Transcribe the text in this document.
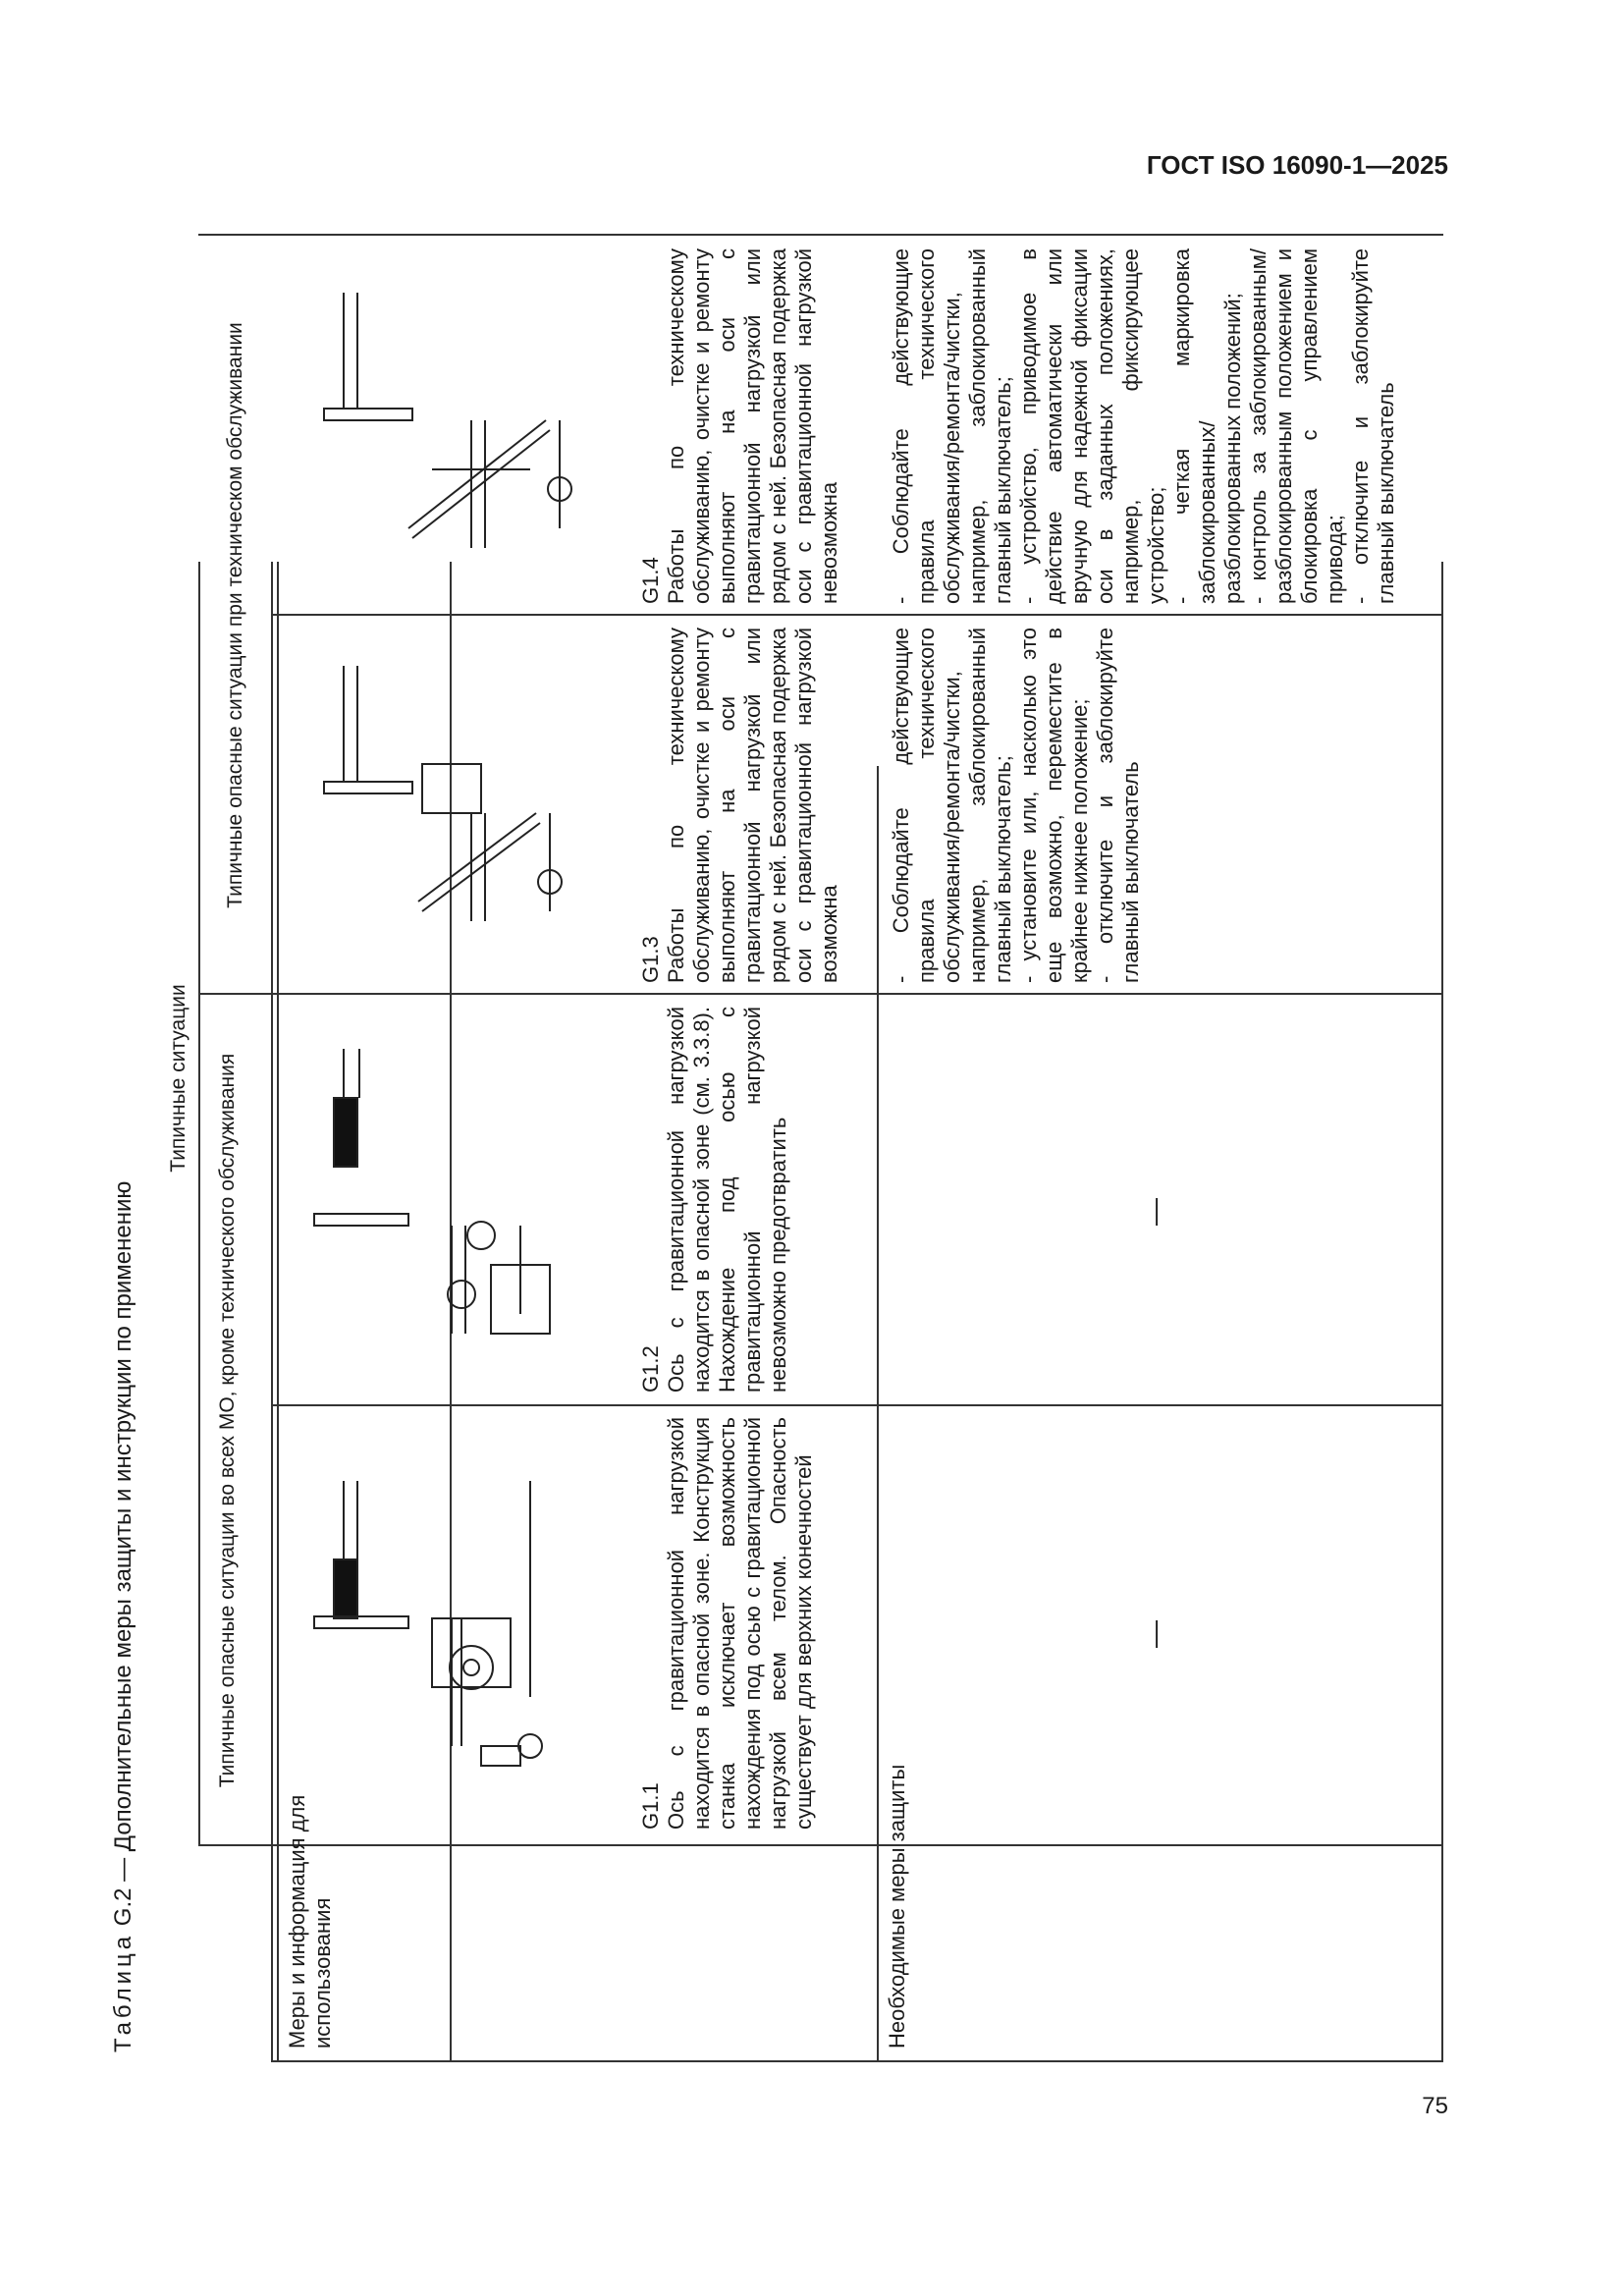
ГОСТ ISO 16090-1—2025
75
Таблица G.2 — Дополнительные меры защиты и инструкции по применению
Типичные ситуации Типичные опасные ситуации во всех МО, кроме технического обслуживания
Типичные опасные ситуации при техническом обслуживании
Меры и информация для использования	Необходимые меры защиты
G1.1 Ось с гравитационной нагрузкой находится в опасной зоне. Конструкция станка исключает возможность нахождения под осью с гравитационной нагрузкой всем телом. Опасность существует для верхних конечностей
G1.2 Ось с гравитационной нагрузкой находится в опасной зоне (см. 3.3.8). Нахождение под осью с гравитационной нагрузкой невозможно предотвратить
G1.3 Работы по техническому обслуживанию, очистке и ремонту выполняют на оси с гравитационной нагрузкой или рядом с ней. Безопасная подержка оси с гравитационной нагрузкой возможна
G1.4 Работы по техническому обслуживанию, очистке и ремонту выполняют на оси с гравитационной нагрузкой или рядом с ней. Безопасная подержка оси с гравитационной нагрузкой невозможна
—
—
- Соблюдайте действующие правила технического обслуживания/ремонта/чистки, например, заблокированный главный выключатель; - установите или, насколько это еще возможно, переместите в крайнее нижнее положение; - отключите и заблокируйте главный выключатель
- Соблюдайте действующие правила технического обслуживания/ремонта/чистки, например, заблокированный главный выключатель; - устройство, приводимое в действие автоматически или вручную для надежной фиксации оси в заданных положениях, например, фиксирующее устройство; - четкая маркировка заблокированных/разблокированных положений; - контроль за заблокированным/разблокированным положением и блокировка с управлением привода; - отключите и заблокируйте главный выключатель
